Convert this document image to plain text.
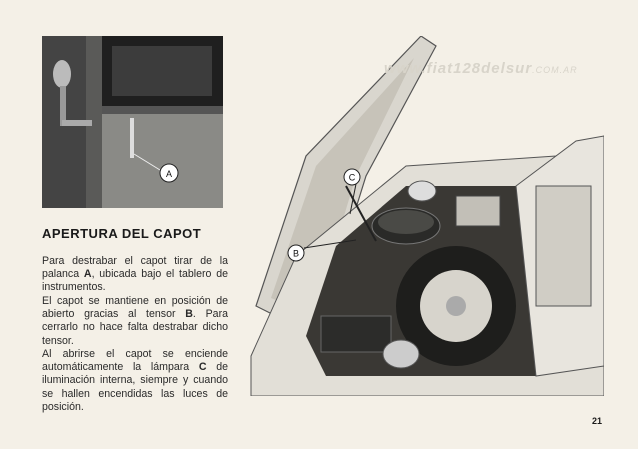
A	C
B
www.fiat128delsur.COM.AR
APERTURA DEL CAPOT
Para destrabar el capot tirar de la palanca A, ubicada bajo el tablero de instrumentos.
El capot se mantiene en posición de abierto gracias al tensor B. Para cerrarlo no hace falta destrabar dicho tensor.
Al abrirse el capot se enciende automáticamente la lámpara C de iluminación interna, siempre y cuando se hallen encendidas las luces de posición.
21
